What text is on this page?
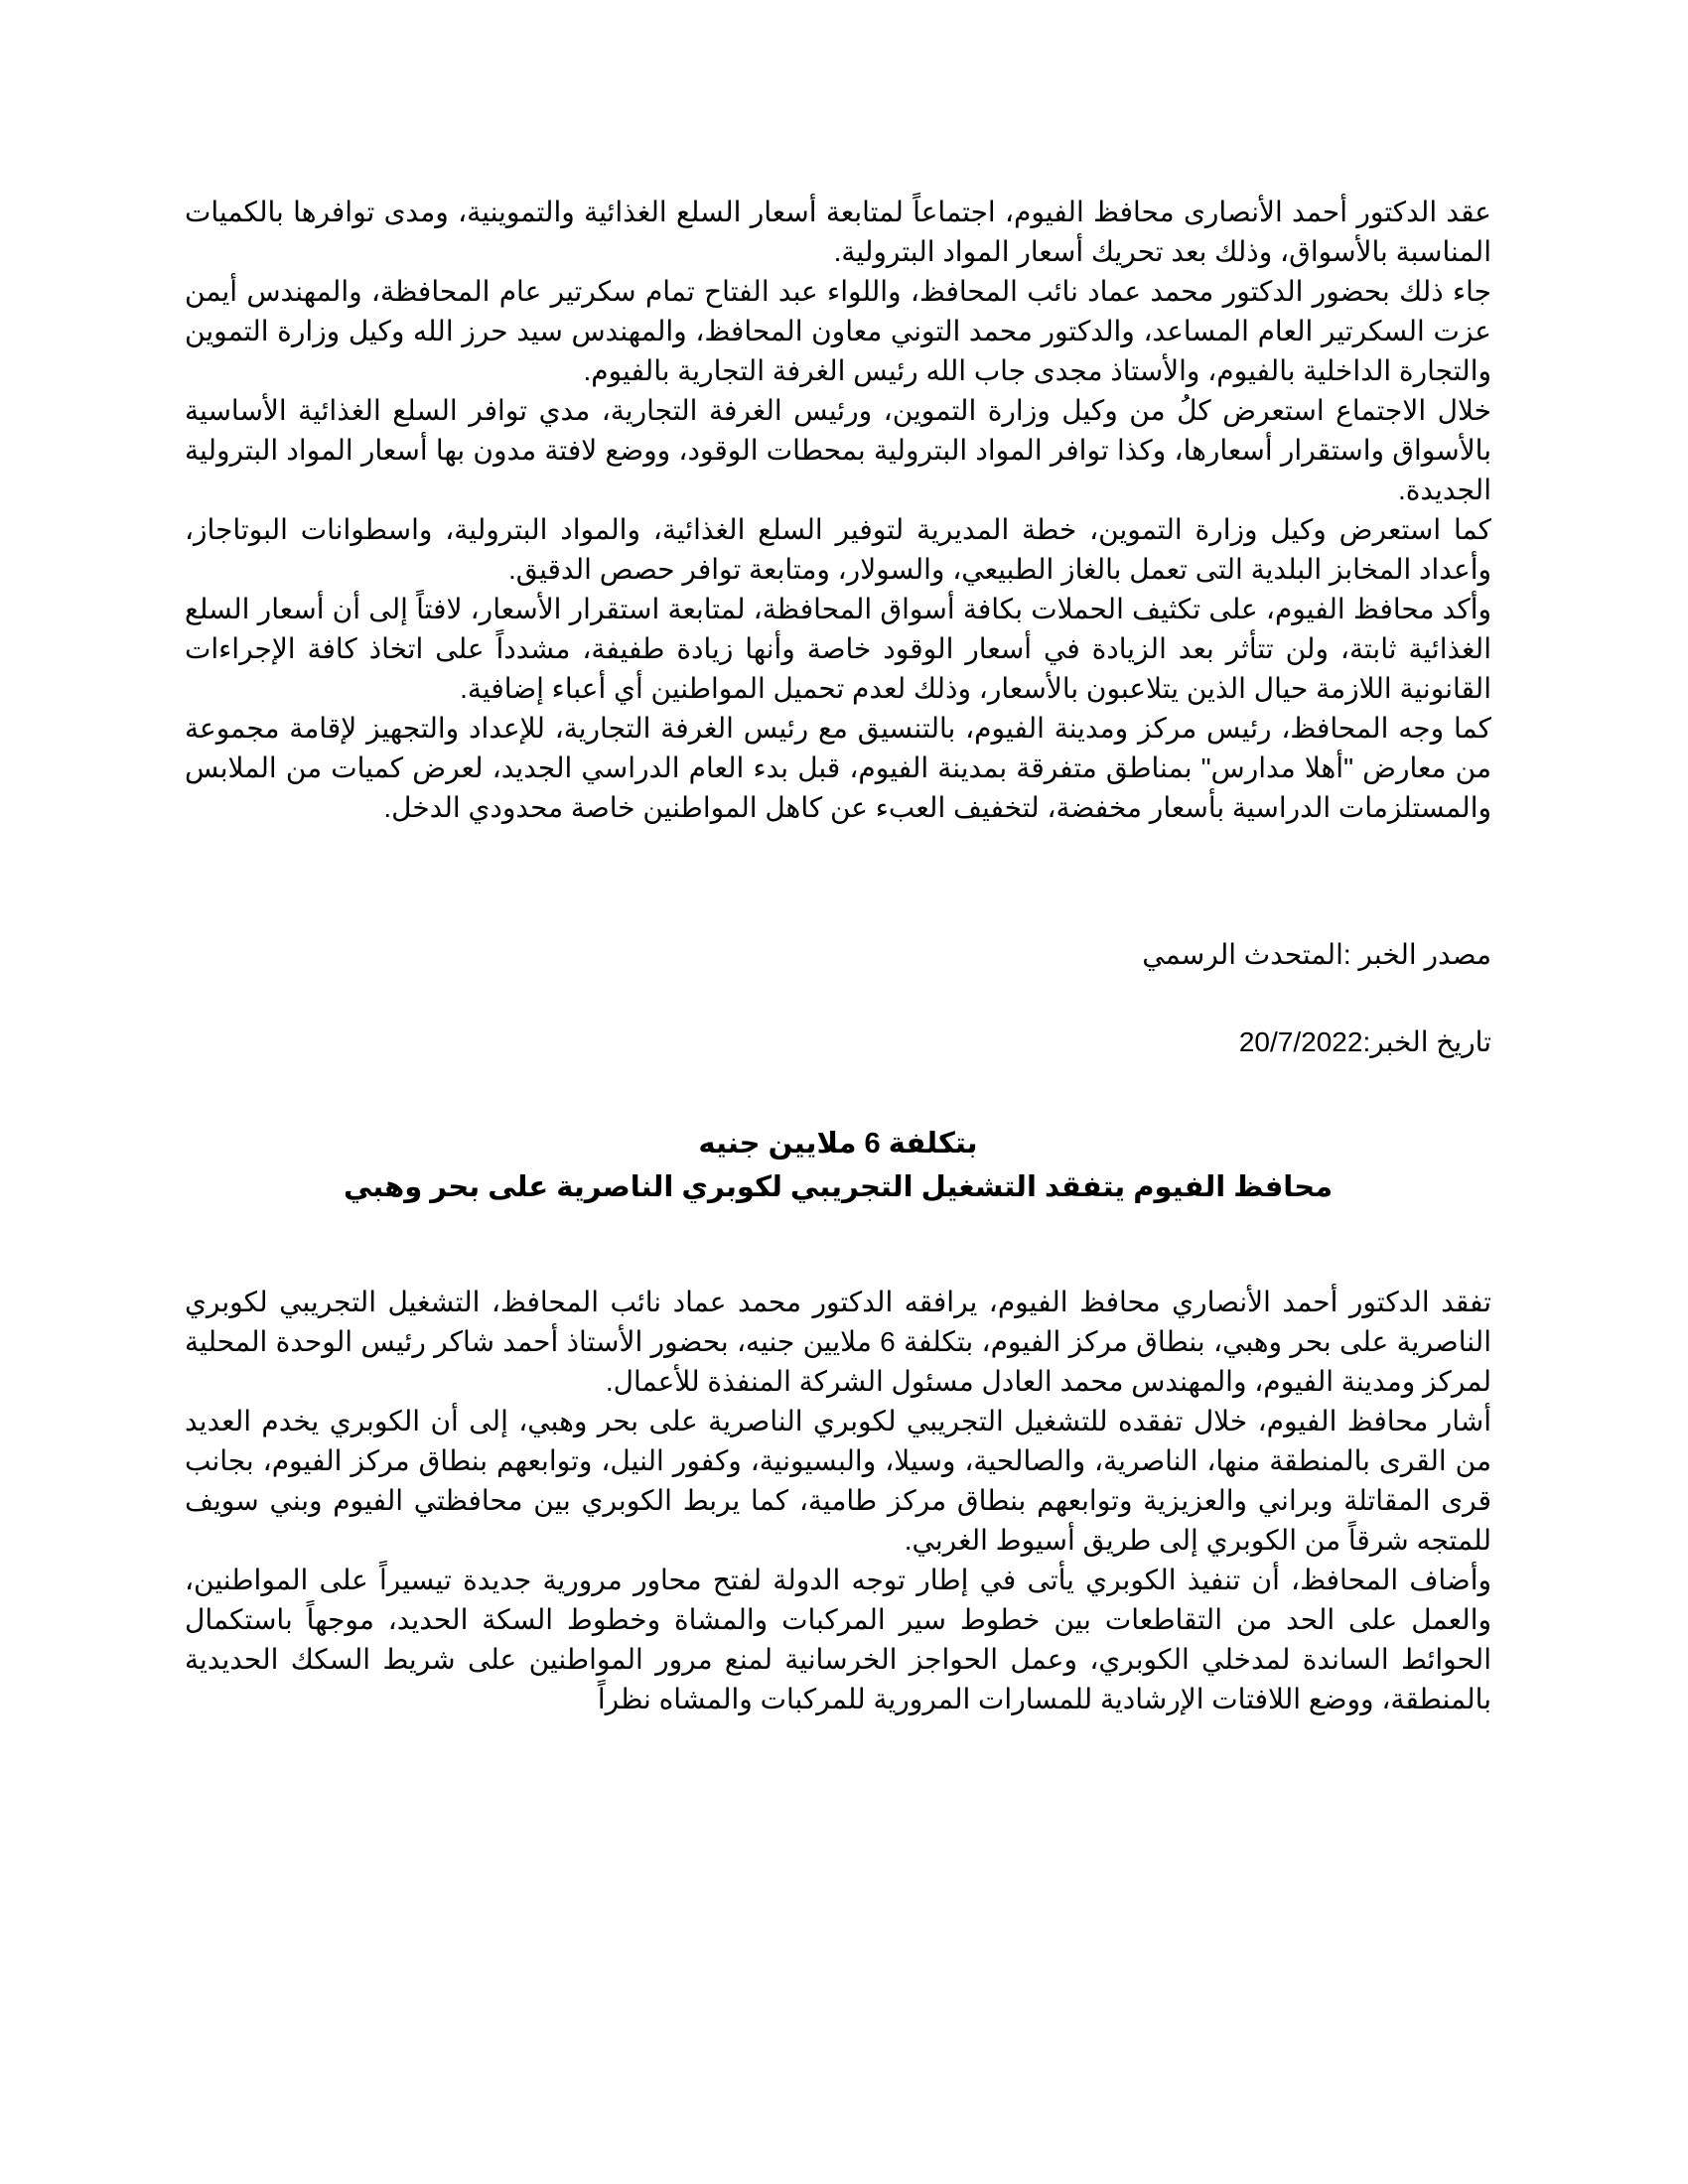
عقد الدكتور أحمد الأنصارى محافظ الفيوم، اجتماعاً لمتابعة أسعار السلع الغذائية والتموينية، ومدى توافرها بالكميات المناسبة بالأسواق، وذلك بعد تحريك أسعار المواد البترولية.

جاء ذلك بحضور الدكتور محمد عماد نائب المحافظ، واللواء عبد الفتاح تمام سكرتير عام المحافظة، والمهندس أيمن عزت السكرتير العام المساعد، والدكتور محمد التوني معاون المحافظ، والمهندس سيد حرز الله وكيل وزارة التموين والتجارة الداخلية بالفيوم، والأستاذ مجدى جاب الله رئيس الغرفة التجارية بالفيوم.

خلال الاجتماع استعرض كلُ من وكيل وزارة التموين، ورئيس الغرفة التجارية، مدي توافر السلع الغذائية الأساسية بالأسواق واستقرار أسعارها، وكذا توافر المواد البترولية بمحطات الوقود، ووضع لافتة مدون بها أسعار المواد البترولية الجديدة.

كما استعرض وكيل وزارة التموين، خطة المديرية لتوفير السلع الغذائية، والمواد البترولية، واسطوانات البوتاجاز، وأعداد المخابز البلدية التى تعمل بالغاز الطبيعي، والسولار، ومتابعة توافر حصص الدقيق.

وأكد محافظ الفيوم، على تكثيف الحملات بكافة أسواق المحافظة، لمتابعة استقرار الأسعار، لافتاً إلى أن أسعار السلع الغذائية ثابتة، ولن تتأثر بعد الزيادة في أسعار الوقود خاصة وأنها زيادة طفيفة، مشدداً على اتخاذ كافة الإجراءات القانونية اللازمة حيال الذين يتلاعبون بالأسعار، وذلك لعدم تحميل المواطنين أي أعباء إضافية.

كما وجه المحافظ، رئيس مركز ومدينة الفيوم، بالتنسيق مع رئيس الغرفة التجارية، للإعداد والتجهيز لإقامة مجموعة من معارض "أهلا مدارس" بمناطق متفرقة بمدينة الفيوم، قبل بدء العام الدراسي الجديد، لعرض كميات من الملابس والمستلزمات الدراسية بأسعار مخفضة، لتخفيف العبء عن كاهل المواطنين خاصة محدودي الدخل.

مصدر الخبر :المتحدث الرسمي

تاريخ الخبر:20/7/2022

بتكلفة 6 ملايين جنيه

محافظ الفيوم يتفقد التشغيل التجريبي لكوبري الناصرية على بحر وهبي

تفقد الدكتور أحمد الأنصاري محافظ الفيوم، يرافقه الدكتور محمد عماد نائب المحافظ، التشغيل التجريبي لكوبري الناصرية على بحر وهبي، بنطاق مركز الفيوم، بتكلفة 6 ملايين جنيه، بحضور الأستاذ أحمد شاكر رئيس الوحدة المحلية لمركز ومدينة الفيوم، والمهندس محمد العادل مسئول الشركة المنفذة للأعمال.

أشار محافظ الفيوم، خلال تفقده للتشغيل التجريبي لكوبري الناصرية على بحر وهبي، إلى أن الكوبري يخدم العديد من القرى بالمنطقة منها، الناصرية، والصالحية، وسيلا، والبسيونية، وكفور النيل، وتوابعهم بنطاق مركز الفيوم، بجانب قرى المقاتلة وبراني والعزيزية وتوابعهم بنطاق مركز طامية، كما يربط الكوبري بين محافظتي الفيوم وبني سويف للمتجه شرقاً من الكوبري إلى طريق أسيوط الغربي.

وأضاف المحافظ، أن تنفيذ الكوبري يأتى في إطار توجه الدولة لفتح محاور مرورية جديدة تيسيراً على المواطنين، والعمل على الحد من التقاطعات بين خطوط سير المركبات والمشاة وخطوط السكة الحديد، موجهاً باستكمال الحوائط الساندة لمدخلي الكوبري، وعمل الحواجز الخرسانية لمنع مرور المواطنين على شريط السكك الحديدية بالمنطقة، ووضع اللافتات الإرشادية للمسارات المرورية للمركبات والمشاه نظراً
